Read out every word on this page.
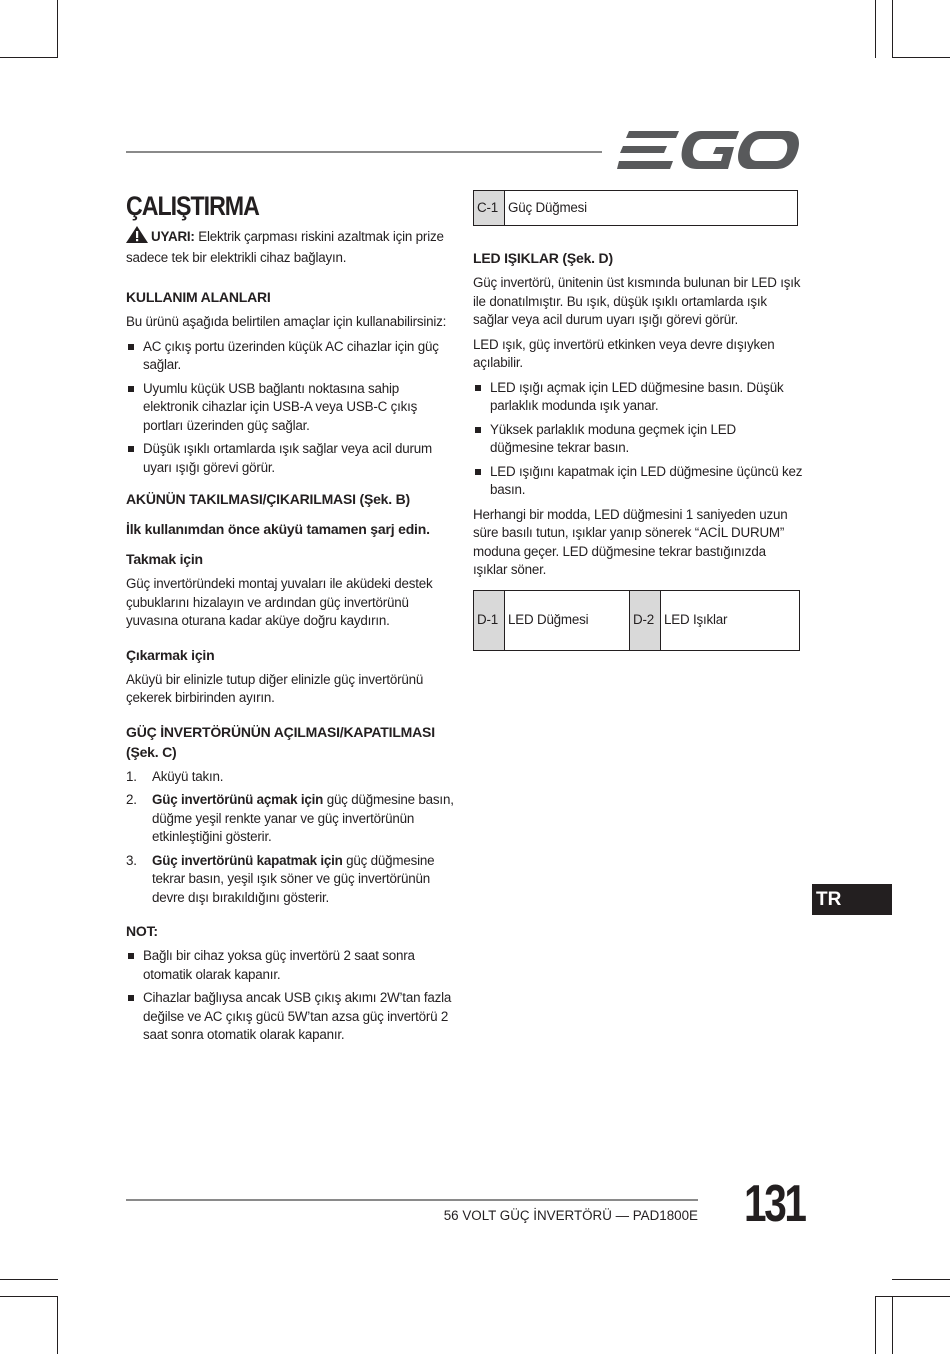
ÇALIŞTIRMA

UYARI: Elektrik çarpması riskini azaltmak için prize sadece tek bir elektrikli cihaz bağlayın.

KULLANIM ALANLARI

Bu ürünü aşağıda belirtilen amaçlar için kullanabilirsiniz:

AC çıkış portu üzerinden küçük AC cihazlar için güç sağlar.
Uyumlu küçük USB bağlantı noktasına sahip elektronik cihazlar için USB-A veya USB-C çıkış portları üzerinden güç sağlar.
Düşük ışıklı ortamlarda ışık sağlar veya acil durum uyarı ışığı görevi görür.
AKÜNÜN TAKILMASI/ÇIKARILMASI (Şek. B)
İlk kullanımdan önce aküyü tamamen şarj edin.
Takmak için

Güç invertöründeki montaj yuvaları ile aküdeki destek çubuklarını hizalayın ve ardından güç invertörünü yuvasına oturana kadar aküye doğru kaydırın.

Çıkarmak için

Aküyü bir elinizle tutup diğer elinizle güç invertörünü çekerek birbirinden ayırın.

GÜÇ İNVERTÖRÜNÜN AÇILMASI/KAPATILMASI (Şek. C)
1. Aküyü takın.
2. Güç invertörünü açmak için güç düğmesine basın, düğme yeşil renkte yanar ve güç invertörünün etkinleştiğini gösterir.
3. Güç invertörünü kapatmak için güç düğmesine tekrar basın, yeşil ışık söner ve güç invertörünün devre dışı bırakıldığını gösterir.
NOT:
Bağlı bir cihaz yoksa güç invertörü 2 saat sonra otomatik olarak kapanır.
Cihazlar bağlıysa ancak USB çıkış akımı 2W’tan fazla değilse ve AC çıkış gücü 5W’tan azsa güç invertörü 2 saat sonra otomatik olarak kapanır.
C-1	Güç Düğmesi
LED IŞIKLAR (Şek. D)

Güç invertörü, ünitenin üst kısmında bulunan bir LED ışık ile donatılmıştır. Bu ışık, düşük ışıklı ortamlarda ışık sağlar veya acil durum uyarı ışığı görevi görür.

LED ışık, güç invertörü etkinken veya devre dışıyken açılabilir.

LED ışığı açmak için LED düğmesine basın. Düşük parlaklık modunda ışık yanar.
Yüksek parlaklık moduna geçmek için LED düğmesine tekrar basın.
LED ışığını kapatmak için LED düğmesine üçüncü kez basın.

Herhangi bir modda, LED düğmesini 1 saniyeden uzun süre basılı tutun, ışıklar yanıp sönerek “ACİL DURUM” moduna geçer. LED düğmesine tekrar bastığınızda ışıklar söner.

D-1	LED Düğmesi	D-2	LED Işıklar
TR
56 VOLT GÜÇ İNVERTÖRÜ — PAD1800E 131
